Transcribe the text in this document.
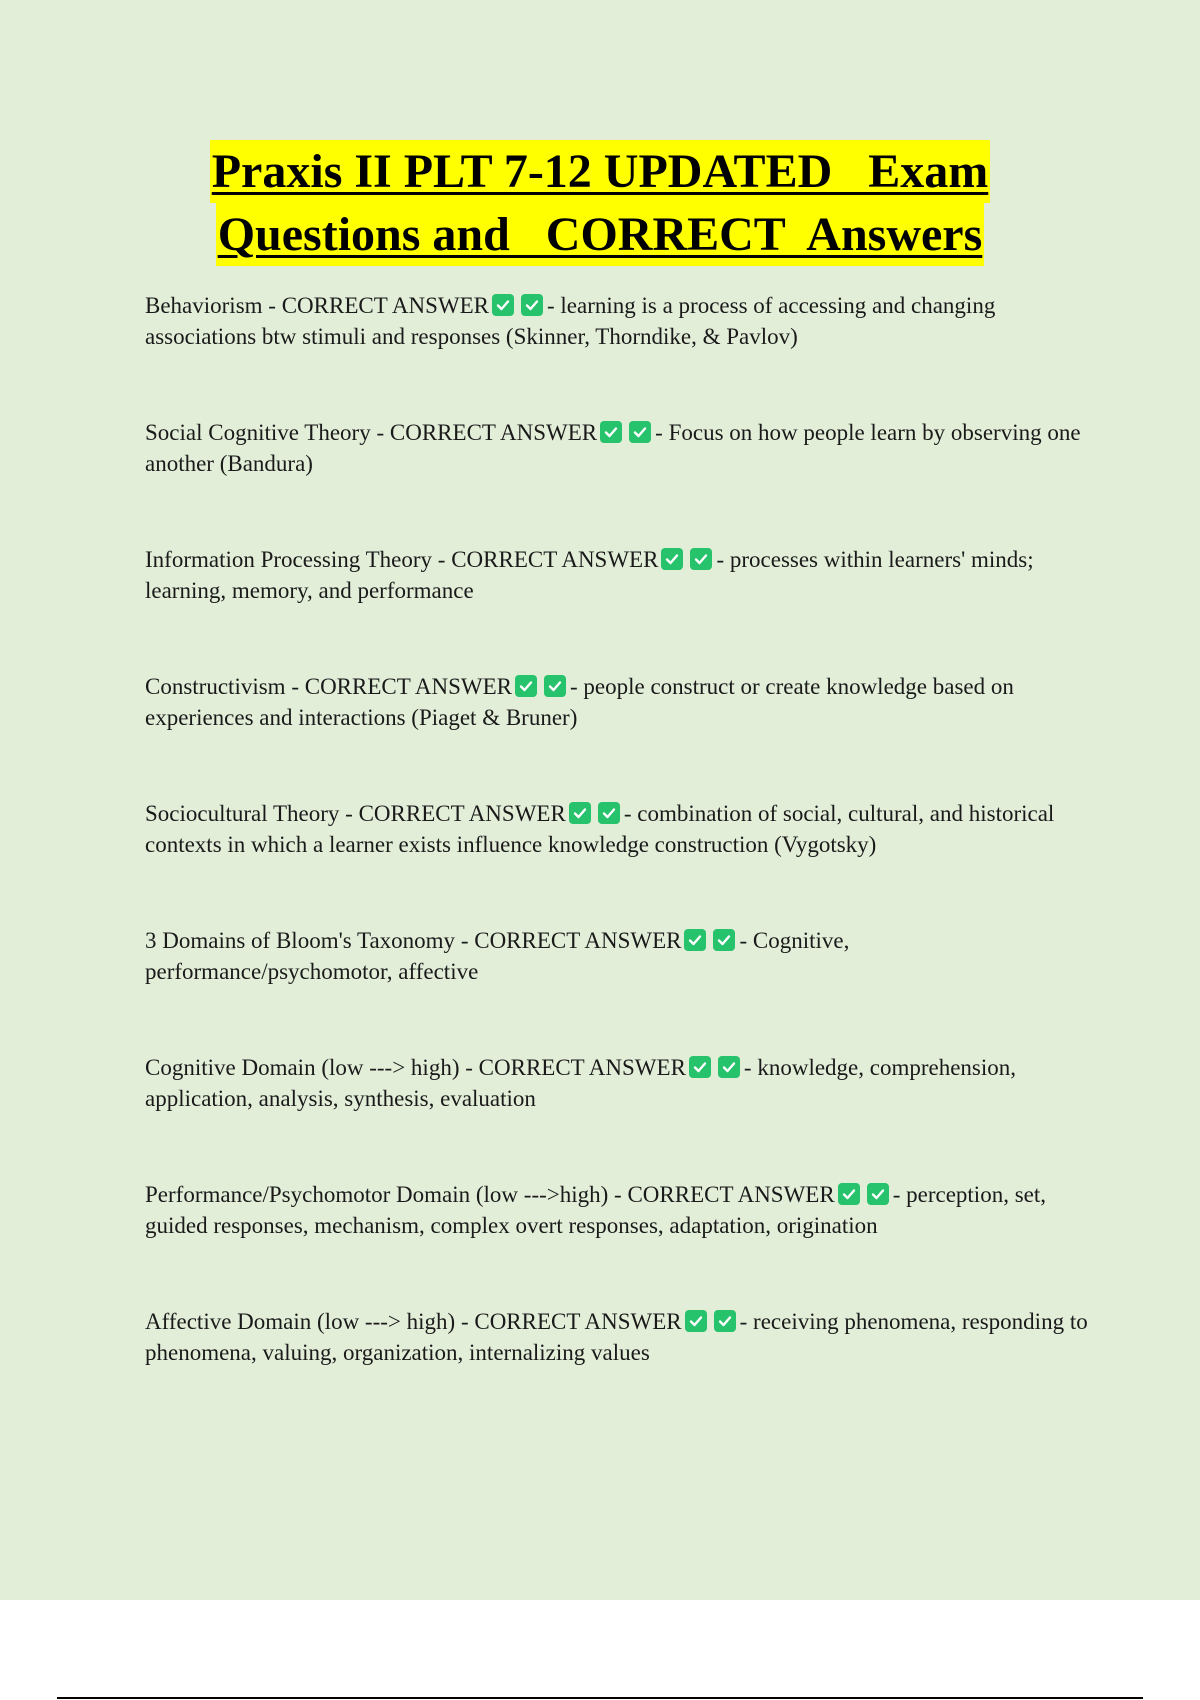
Praxis II PLT 7-12 UPDATED   Exam
Questions and   CORRECT  Answers

Behaviorism - CORRECT ANSWER	- learning is a process of accessing and changing associations btw stimuli and responses (Skinner, Thorndike, & Pavlov)

Social Cognitive Theory - CORRECT ANSWER	- Focus on how people learn by observing one another (Bandura)

Information Processing Theory - CORRECT ANSWER	- processes within learners' minds; learning, memory, and performance

Constructivism - CORRECT ANSWER	- people construct or create knowledge based on experiences and interactions (Piaget & Bruner)

Sociocultural Theory - CORRECT ANSWER	- combination of social, cultural, and historical contexts in which a learner exists influence knowledge construction (Vygotsky)

3 Domains of Bloom's Taxonomy - CORRECT ANSWER	- Cognitive, performance/psychomotor, affective

Cognitive Domain (low ---> high) - CORRECT ANSWER	- knowledge, comprehension, application, analysis, synthesis, evaluation

Performance/Psychomotor Domain (low --->high) - CORRECT ANSWER	- perception, set, guided responses, mechanism, complex overt responses, adaptation, origination

Affective Domain (low ---> high) - CORRECT ANSWER	- receiving phenomena, responding to phenomena, valuing, organization, internalizing values
